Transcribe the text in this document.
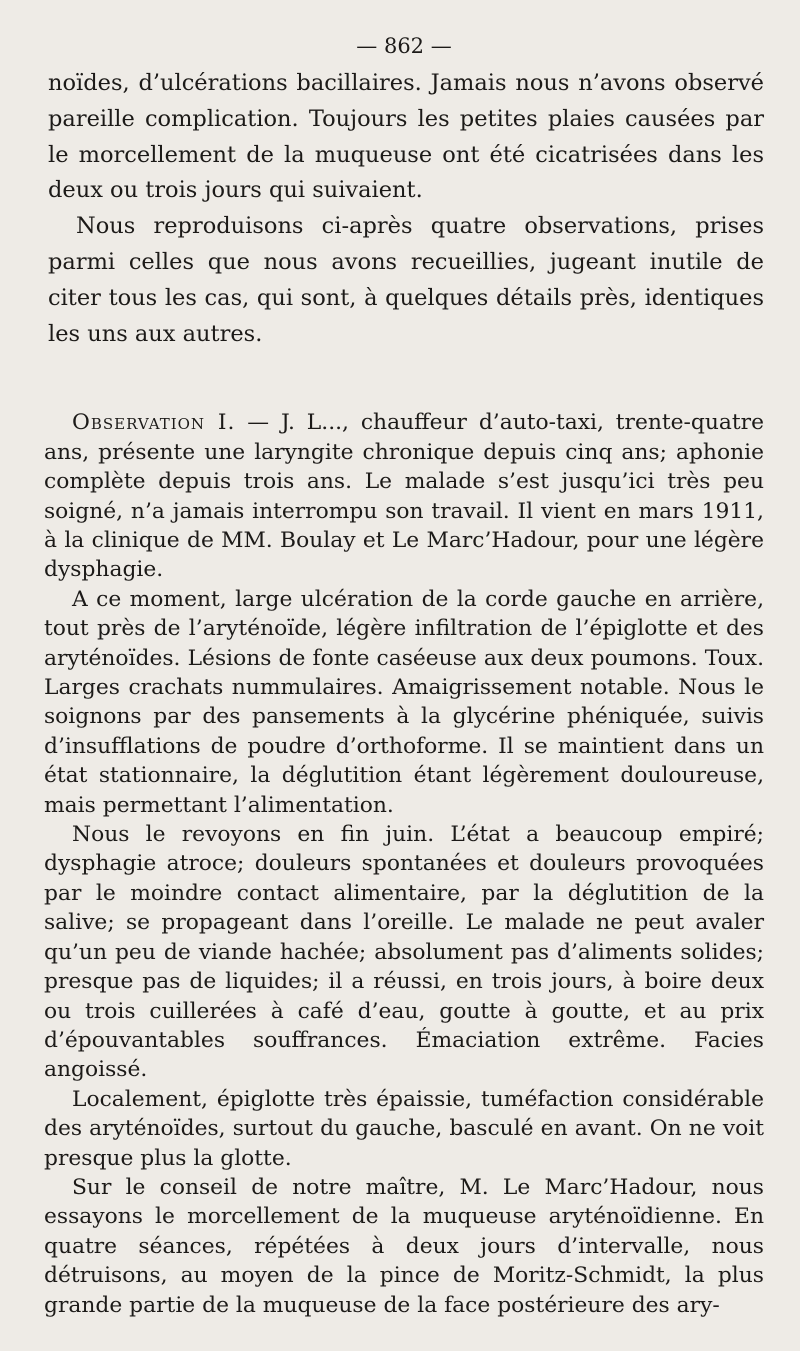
— 862 —

noïdes, d’ulcérations bacillaires. Jamais nous n’avons observé pareille complication. Toujours les petites plaies causées par le morcellement de la muqueuse ont été cicatrisées dans les deux ou trois jours qui suivaient.

Nous reproduisons ci-après quatre observations, prises parmi celles que nous avons recueillies, jugeant inutile de citer tous les cas, qui sont, à quelques détails près, identiques les uns aux autres.

Observation I. — J. L..., chauffeur d’auto-taxi, trente-quatre ans, présente une laryngite chronique depuis cinq ans; aphonie complète depuis trois ans. Le malade s’est jusqu’ici très peu soigné, n’a jamais interrompu son travail. Il vient en mars 1911, à la clinique de MM. Boulay et Le Marc’Hadour, pour une légère dysphagie.

A ce moment, large ulcération de la corde gauche en arrière, tout près de l’aryténoïde, légère infiltration de l’épiglotte et des aryténoïdes. Lésions de fonte caséeuse aux deux poumons. Toux. Larges crachats nummulaires. Amaigrissement notable. Nous le soignons par des pansements à la glycérine phéniquée, suivis d’insufflations de poudre d’orthoforme. Il se maintient dans un état stationnaire, la déglutition étant légèrement douloureuse, mais permettant l’alimentation.

Nous le revoyons en fin juin. L’état a beaucoup empiré; dysphagie atroce; douleurs spontanées et douleurs provoquées par le moindre contact alimentaire, par la déglutition de la salive; se propageant dans l’oreille. Le malade ne peut avaler qu’un peu de viande hachée; absolument pas d’aliments solides; presque pas de liquides; il a réussi, en trois jours, à boire deux ou trois cuillerées à café d’eau, goutte à goutte, et au prix d’épouvantables souffrances. Émaciation extrême. Facies angoissé.

Localement, épiglotte très épaissie, tuméfaction considérable des aryténoïdes, surtout du gauche, basculé en avant. On ne voit presque plus la glotte.

Sur le conseil de notre maître, M. Le Marc’Hadour, nous essayons le morcellement de la muqueuse aryténoïdienne. En quatre séances, répétées à deux jours d’intervalle, nous détruisons, au moyen de la pince de Moritz-Schmidt, la plus grande partie de la muqueuse de la face postérieure des ary-
